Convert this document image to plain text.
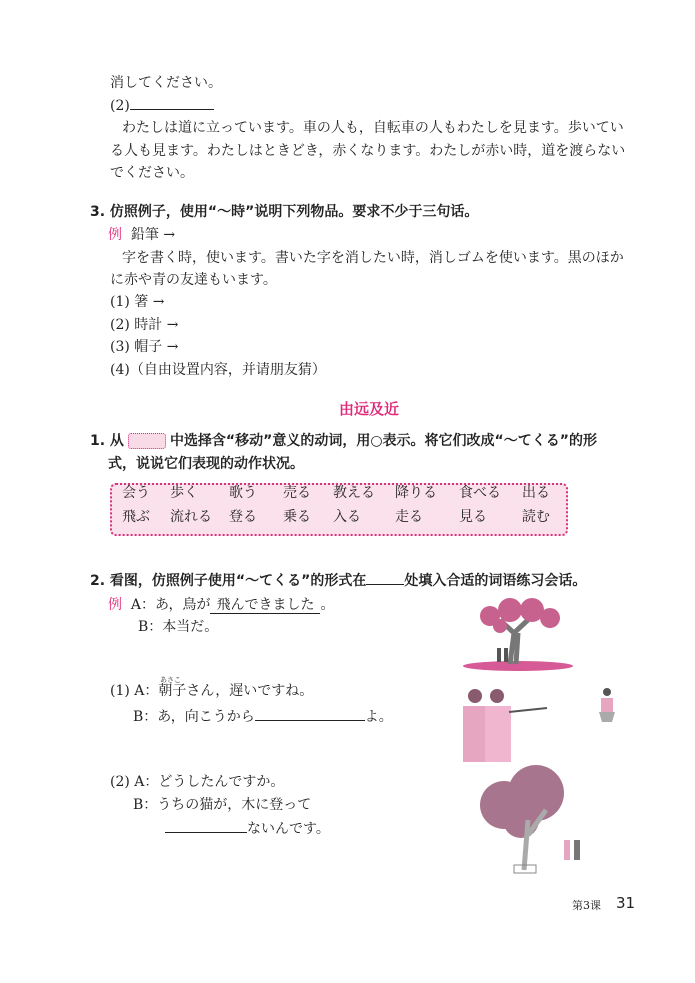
消してください。
(2)
わたしは道に立っています。車の人も，自転車の人もわたしを見ます。歩いてい
る人も見ます。わたしはときどき，赤くなります。わたしが赤い時，道を渡らない
でください。
3. 仿照例子，使用“～時”说明下列物品。要求不少于三句话。
例 鉛筆 →
字を書く時，使います。書いた字を消したい時，消しゴムを使います。黒のほか
に赤や青の友達もいます。
(1) 箸 →
(2) 時計 →
(3) 帽子 →
(4)（自由设置内容，并请朋友猜）
由远及近
1. 从	中选择含“移动”意义的动词，用○表示。将它们改成“～てくる”的形
式，说说它们表现的动作状况。
会う 歩く 歌う 売る 教える 降りる 食べる 出る
飛ぶ 流れる 登る 乗る 入る 走る	見る	読む
2. 看图，仿照例子使用“～てくる”的形式在	处填入合适的词语练习会话。
例 A：あ，鳥が 飛んできました 。
B：本当だ。
あさこ
(1) A：朝子さん，遅いですね。
B：あ，向こうから	よ。
(2) A：どうしたんですか。
B：うちの猫が，木に登って
ないんです。
第3课 31
